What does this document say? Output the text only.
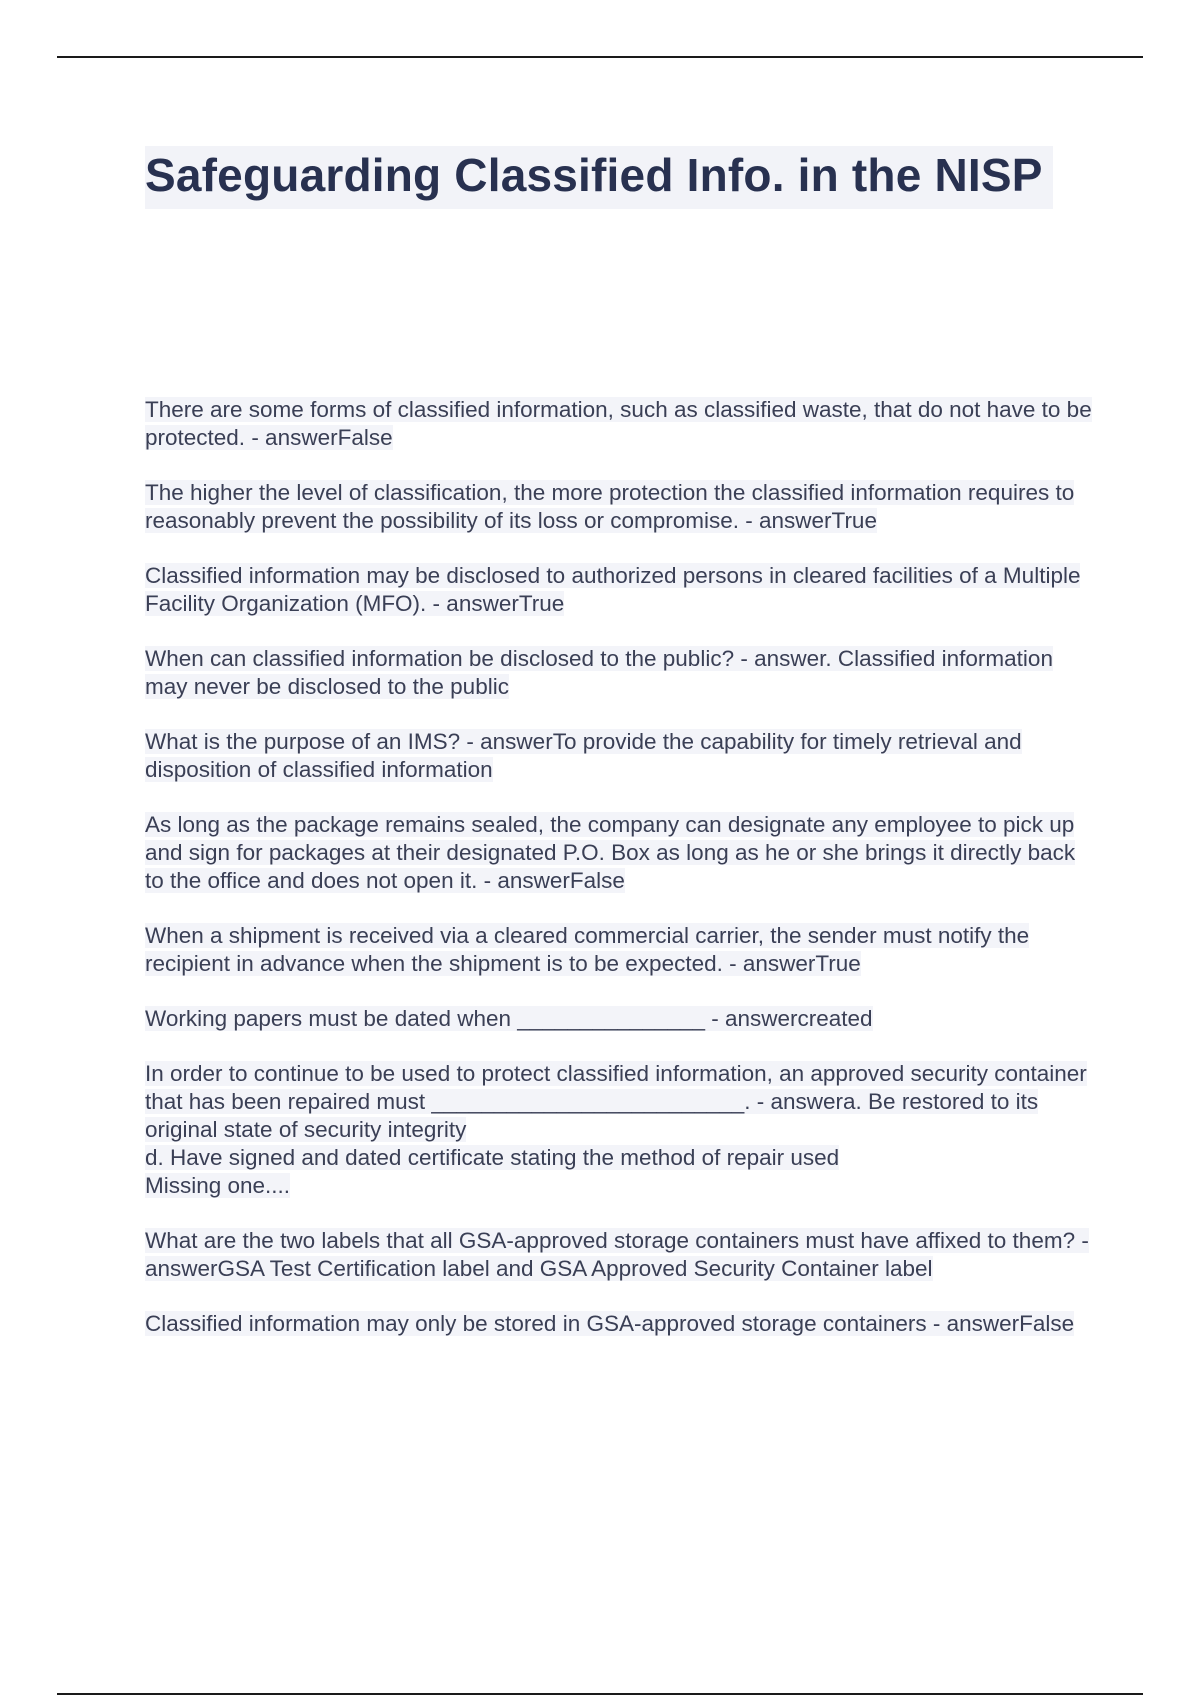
Safeguarding Classified Info. in the NISP

There are some forms of classified information, such as classified waste, that do not have to be protected. - answerFalse

The higher the level of classification, the more protection the classified information requires to reasonably prevent the possibility of its loss or compromise. - answerTrue

Classified information may be disclosed to authorized persons in cleared facilities of a Multiple Facility Organization (MFO). - answerTrue

When can classified information be disclosed to the public? - answer. Classified information may never be disclosed to the public

What is the purpose of an IMS? - answerTo provide the capability for timely retrieval and disposition of classified information

As long as the package remains sealed, the company can designate any employee to pick up and sign for packages at their designated P.O. Box as long as he or she brings it directly back to the office and does not open it. - answerFalse

When a shipment is received via a cleared commercial carrier, the sender must notify the recipient in advance when the shipment is to be expected. - answerTrue

Working papers must be dated when _______________ - answercreated

In order to continue to be used to protect classified information, an approved security container that has been repaired must _________________________. - answera. Be restored to its original state of security integrity
d. Have signed and dated certificate stating the method of repair used
Missing one....

What are the two labels that all GSA-approved storage containers must have affixed to them? - answerGSA Test Certification label and GSA Approved Security Container label

Classified information may only be stored in GSA-approved storage containers - answerFalse
